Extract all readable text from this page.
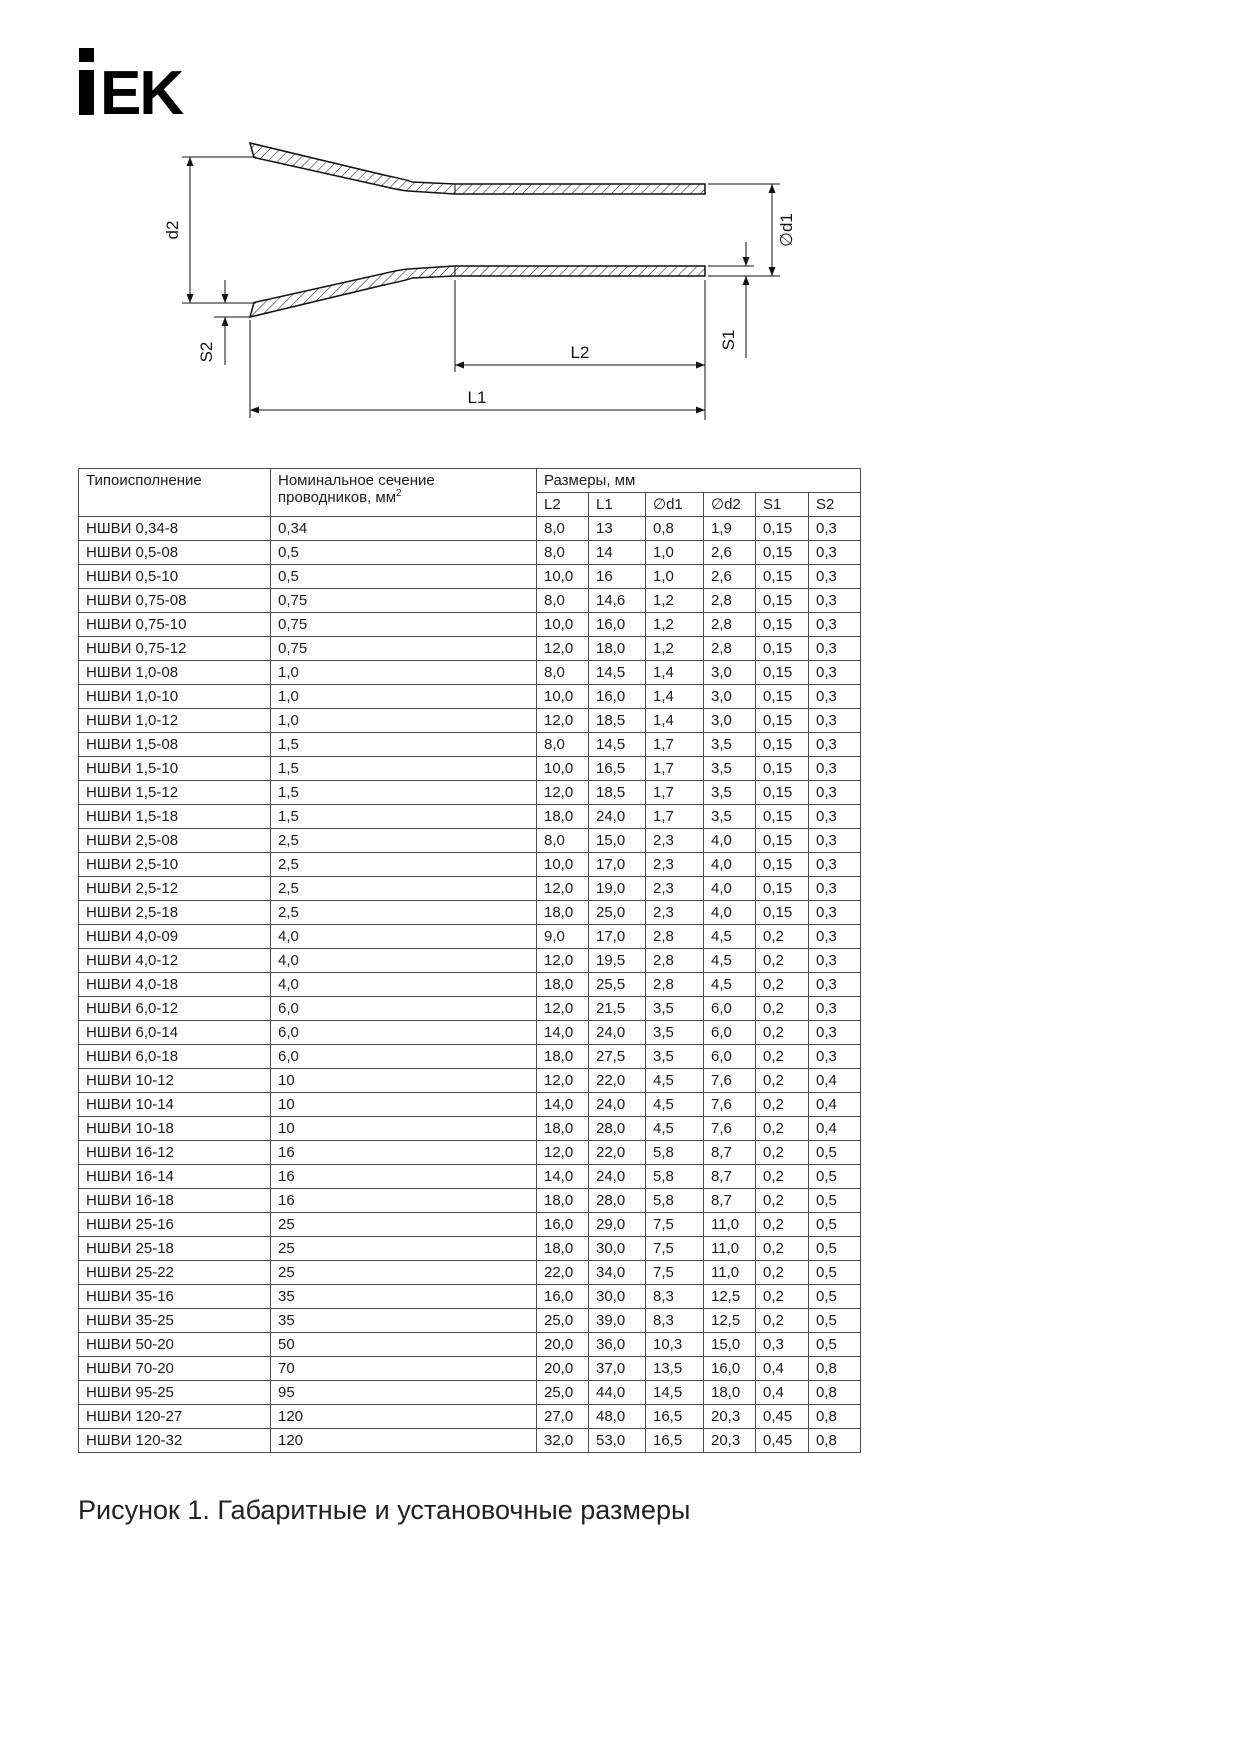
EK
d2
S2	L2
L1
∅d1
S1
Типоисполнение	Номинальное сечение проводников, $мм^2$	Размеры, мм					
		L2	L1	∅d1	∅d2	S1	S2
НШВИ 0,34-8	0,34	8,0	13	0,8	1,9	0,15	0,3
НШВИ 0,5-08	0,5	8,0	14	1,0	2,6	0,15	0,3
НШВИ 0,5-10	0,5	10,0	16	1,0	2,6	0,15	0,3
НШВИ 0,75-08	0,75	8,0	14,6	1,2	2,8	0,15	0,3
НШВИ 0,75-10	0,75	10,0	16,0	1,2	2,8	0,15	0,3
НШВИ 0,75-12	0,75	12,0	18,0	1,2	2,8	0,15	0,3
НШВИ 1,0-08	1,0	8,0	14,5	1,4	3,0	0,15	0,3
НШВИ 1,0-10	1,0	10,0	16,0	1,4	3,0	0,15	0,3
НШВИ 1,0-12	1,0	12,0	18,5	1,4	3,0	0,15	0,3
НШВИ 1,5-08	1,5	8,0	14,5	1,7	3,5	0,15	0,3
НШВИ 1,5-10	1,5	10,0	16,5	1,7	3,5	0,15	0,3
НШВИ 1,5-12	1,5	12,0	18,5	1,7	3,5	0,15	0,3
НШВИ 1,5-18	1,5	18,0	24,0	1,7	3,5	0,15	0,3
НШВИ 2,5-08	2,5	8,0	15,0	2,3	4,0	0,15	0,3
НШВИ 2,5-10	2,5	10,0	17,0	2,3	4,0	0,15	0,3
НШВИ 2,5-12	2,5	12,0	19,0	2,3	4,0	0,15	0,3
НШВИ 2,5-18	2,5	18,0	25,0	2,3	4,0	0,15	0,3
НШВИ 4,0-09	4,0	9,0	17,0	2,8	4,5	0,2	0,3
НШВИ 4,0-12	4,0	12,0	19,5	2,8	4,5	0,2	0,3
НШВИ 4,0-18	4,0	18,0	25,5	2,8	4,5	0,2	0,3
НШВИ 6,0-12	6,0	12,0	21,5	3,5	6,0	0,2	0,3
НШВИ 6,0-14	6,0	14,0	24,0	3,5	6,0	0,2	0,3
НШВИ 6,0-18	6,0	18,0	27,5	3,5	6,0	0,2	0,3
НШВИ 10-12	10	12,0	22,0	4,5	7,6	0,2	0,4
НШВИ 10-14	10	14,0	24,0	4,5	7,6	0,2	0,4
НШВИ 10-18	10	18,0	28,0	4,5	7,6	0,2	0,4
НШВИ 16-12	16	12,0	22,0	5,8	8,7	0,2	0,5
НШВИ 16-14	16	14,0	24,0	5,8	8,7	0,2	0,5
НШВИ 16-18	16	18,0	28,0	5,8	8,7	0,2	0,5
НШВИ 25-16	25	16,0	29,0	7,5	11,0	0,2	0,5
НШВИ 25-18	25	18,0	30,0	7,5	11,0	0,2	0,5
НШВИ 25-22	25	22,0	34,0	7,5	11,0	0,2	0,5
НШВИ 35-16	35	16,0	30,0	8,3	12,5	0,2	0,5
НШВИ 35-25	35	25,0	39,0	8,3	12,5	0,2	0,5
НШВИ 50-20	50	20,0	36,0	10,3	15,0	0,3	0,5
НШВИ 70-20	70	20,0	37,0	13,5	16,0	0,4	0,8
НШВИ 95-25	95	25,0	44,0	14,5	18,0	0,4	0,8
НШВИ 120-27	120	27,0	48,0	16,5	20,3	0,45	0,8
НШВИ 120-32	120	32,0	53,0	16,5	20,3	0,45	0,8
Рисунок 1. Габаритные и установочные размеры
